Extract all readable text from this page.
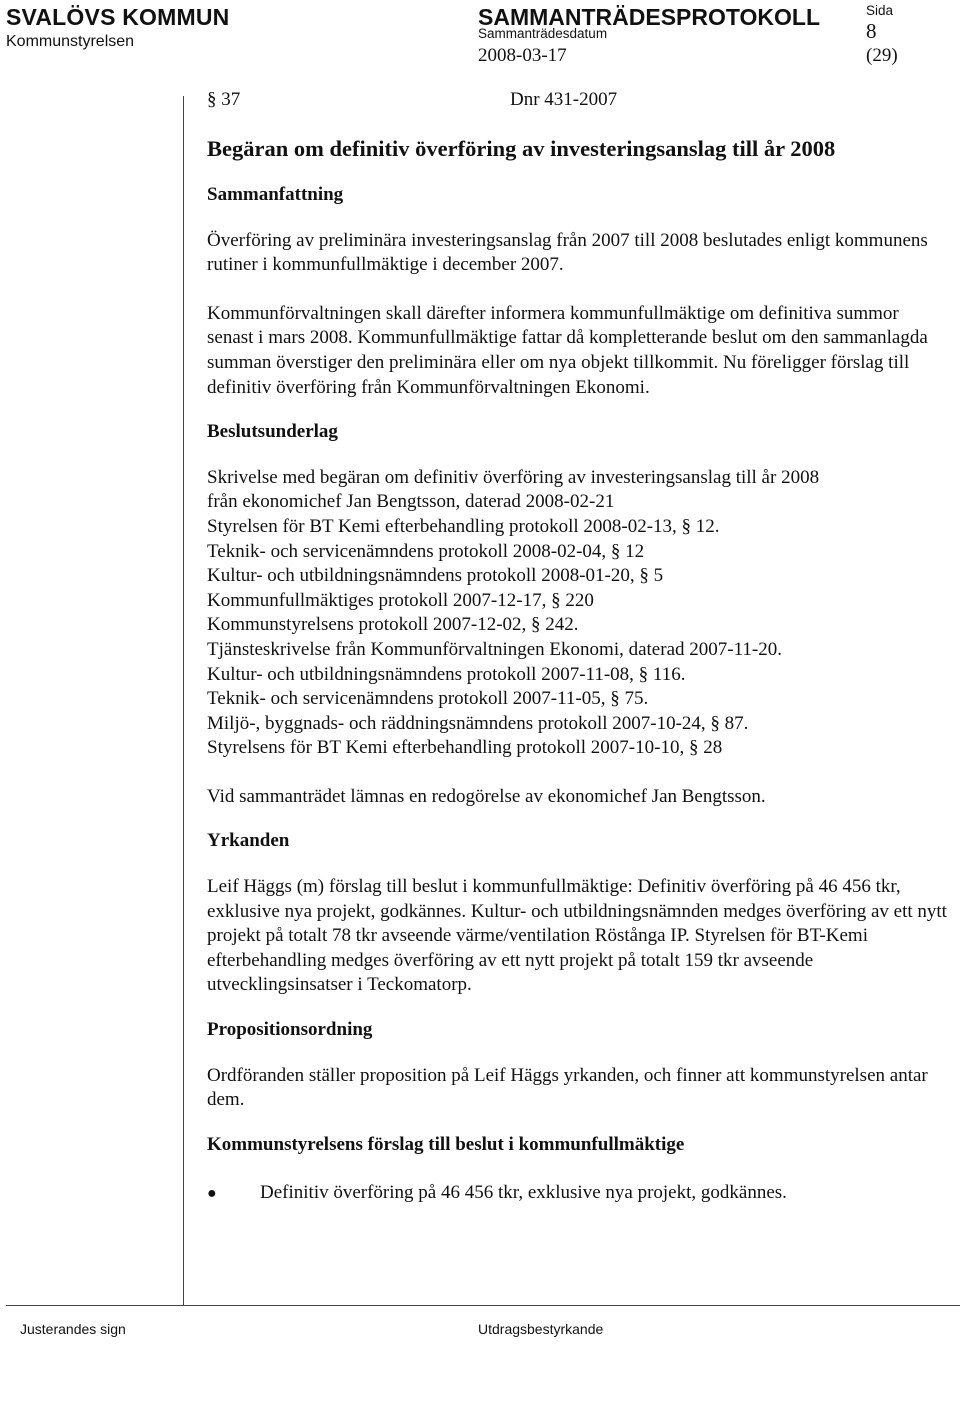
SVALÖVS KOMMUN
Kommunstyrelsen
SAMMANTRÄDESPROTOKOLL
Sammanträdesdatum
2008-03-17
Sida
8
(29)
§ 37	Dnr 431-2007
Begäran om definitiv överföring av investeringsanslag till år 2008
Sammanfattning

Överföring av preliminära investeringsanslag från 2007 till 2008 beslutades enligt kommunens rutiner i kommunfullmäktige i december 2007.

Kommunförvaltningen skall därefter informera kommunfullmäktige om definitiva summor senast i mars 2008. Kommunfullmäktige fattar då kompletterande beslut om den sammanlagda summan överstiger den preliminära eller om nya objekt tillkommit. Nu föreligger förslag till definitiv överföring från Kommunförvaltningen Ekonomi.

Beslutsunderlag
Skrivelse med begäran om definitiv överföring av investeringsanslag till år 2008
från ekonomichef Jan Bengtsson, daterad 2008-02-21
Styrelsen för BT Kemi efterbehandling protokoll 2008-02-13, § 12.
Teknik- och servicenämndens protokoll 2008-02-04, § 12
Kultur- och utbildningsnämndens protokoll 2008-01-20, § 5
Kommunfullmäktiges protokoll 2007-12-17, § 220
Kommunstyrelsens protokoll 2007-12-02, § 242.
Tjänsteskrivelse från Kommunförvaltningen Ekonomi, daterad 2007-11-20.
Kultur- och utbildningsnämndens protokoll 2007-11-08, § 116.
Teknik- och servicenämndens protokoll 2007-11-05, § 75.
Miljö-, byggnads- och räddningsnämndens protokoll 2007-10-24, § 87.
Styrelsens för BT Kemi efterbehandling protokoll 2007-10-10, § 28

Vid sammanträdet lämnas en redogörelse av ekonomichef Jan Bengtsson.

Yrkanden

Leif Häggs (m) förslag till beslut i kommunfullmäktige: Definitiv överföring på 46 456 tkr, exklusive nya projekt, godkännes. Kultur- och utbildningsnämnden medges överföring av ett nytt projekt på totalt 78 tkr avseende värme/ventilation Röstånga IP. Styrelsen för BT-Kemi efterbehandling medges överföring av ett nytt projekt på totalt 159 tkr avseende utvecklingsinsatser i Teckomatorp.

Propositionsordning

Ordföranden ställer proposition på Leif Häggs yrkanden, och finner att kommunstyrelsen antar dem.

Kommunstyrelsens förslag till beslut i kommunfullmäktige
●	Definitiv överföring på 46 456 tkr, exklusive nya projekt, godkännes.
Justerandes sign	Utdragsbestyrkande
